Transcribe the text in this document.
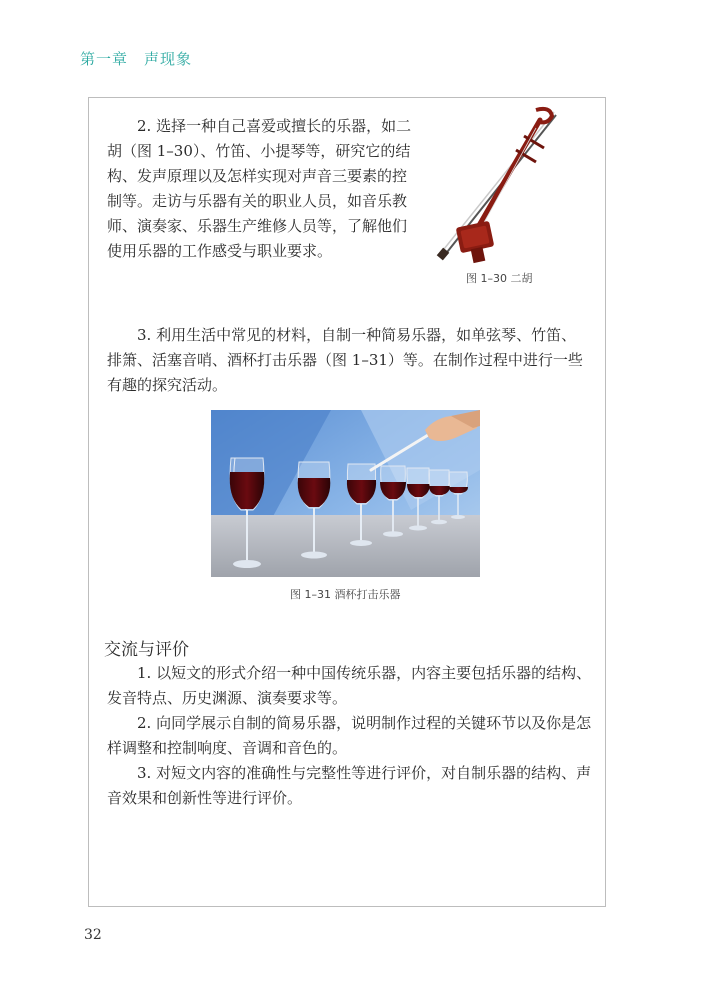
第一章　声现象
2. 选择一种自己喜爱或擅长的乐器，如二胡（图 1–30）、竹笛、小提琴等，研究它的结构、发声原理以及怎样实现对声音三要素的控制等。走访与乐器有关的职业人员，如音乐教师、演奏家、乐器生产维修人员等，了解他们使用乐器的工作感受与职业要求。
图 1–30 二胡
3. 利用生活中常见的材料，自制一种简易乐器，如单弦琴、竹笛、排箫、活塞音哨、酒杯打击乐器（图 1–31）等。在制作过程中进行一些有趣的探究活动。
图 1–31 酒杯打击乐器
交流与评价

1. 以短文的形式介绍一种中国传统乐器，内容主要包括乐器的结构、发音特点、历史渊源、演奏要求等。

2. 向同学展示自制的简易乐器，说明制作过程的关键环节以及你是怎样调整和控制响度、音调和音色的。

3. 对短文内容的准确性与完整性等进行评价，对自制乐器的结构、声音效果和创新性等进行评价。

32
